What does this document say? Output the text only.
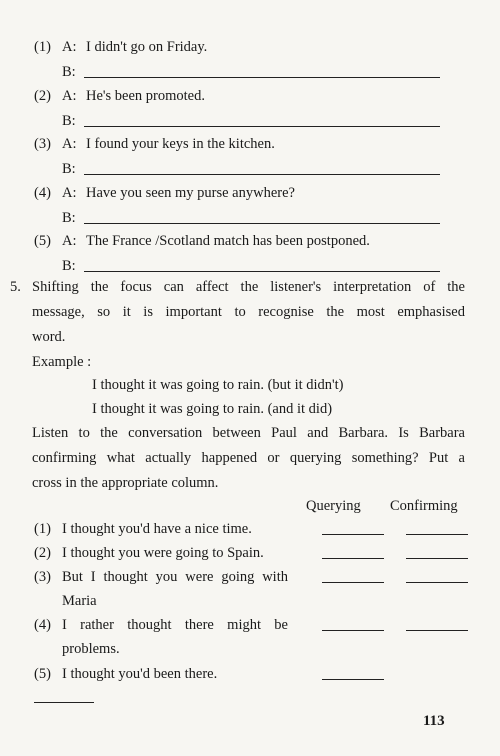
(1) A: I didn't go on Friday.
B:
(2) A: He's been promoted.
B:
(3) A: I found your keys in the kitchen.
B:
(4) A: Have you seen my purse anywhere?
B:
(5) A: The France /Scotland match has been postponed.
B:
5. Shifting the focus can affect the listener's interpretation of the
message, so it is important to recognise the most emphasised
word.
Example :
I thought it was going to rain. (but it didn't)
I thought it was going to rain. (and it did)
Listen to the conversation between Paul and Barbara. Is Barbara
confirming what actually happened or querying something? Put a
cross in the appropriate column.
Querying Confirming
(1) I thought you'd have a nice time.
(2) I thought you were going to Spain.
(3) But I thought you were going with
Maria
(4) I rather thought there might be
problems.
(5) I thought you'd been there.
113
